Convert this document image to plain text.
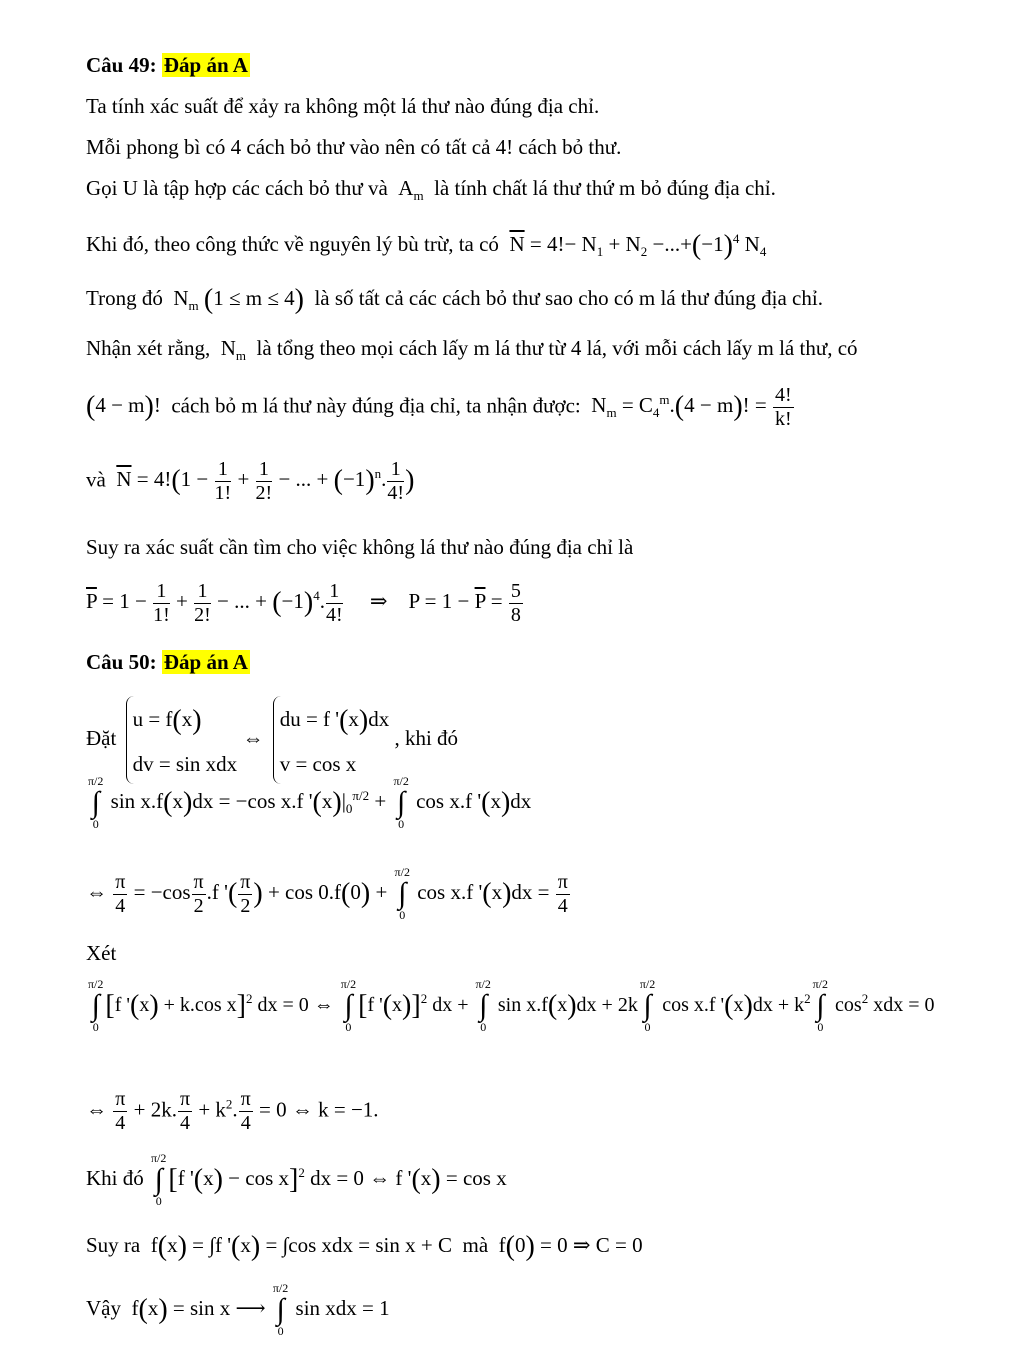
Câu 49: Đáp án A
Ta tính xác suất để xảy ra không một lá thư nào đúng địa chỉ.
Mỗi phong bì có 4 cách bỏ thư vào nên có tất cả 4! cách bỏ thư.
Gọi U là tập hợp các cách bỏ thư và  $A_m$ là tính chất lá thư thứ m bỏ đúng địa chỉ.
Khi đó, theo công thức về nguyên lý bù trừ, ta có $\overline{N} = 4!- N_1 + N_2 -...+(-1)^4$ $N_4$
Trong đó  $N_m$ (1 ≤ m ≤ 4) là số tất cả các cách bỏ thư sao cho có m lá thư đúng địa chỉ.
Nhận xét rằng,  $N_m$ là tổng theo mọi cách lấy m lá thư từ 4 lá, với mỗi cách lấy m lá thư, có
(4 − m)!  cách bỏ m lá thư này đúng địa chỉ, ta nhận được:  $N_m = C_4^m.(4 - m)$! = $\frac{4!}{k!}$
và $\overline{N} = 4!(1 - \frac{1}{1!} + \frac{1}{2!}$ − ... + $(-1)^n$. $\frac{1}{4!}$ )
Suy ra xác suất cần tìm cho việc không lá thư nào đúng địa chỉ là
$\overline{P} = 1 - \frac{1}{1!} + \frac{1}{2!}$ − ... + $(-1)^4$. $\frac{1}{4!}$ ⇒    $P = 1 - \overline{P} = \frac{5}{8}$
Câu 50: Đáp án A
Đặt u = f(x)
dv = sin xdx ⇔ du = f '(x)dx
v = cos x , khi đó
π/2
∫
0
sin x.f(x)dx = −cos x.f '$(x)|_0^{\pi/2}$ +
π/2
∫
0
cos x.f '(x)dx
⇔ $\frac{\pi}{4} = -\cos \frac{\pi}{2} .f$ '( $\frac{\pi}{2}$ ) + cos 0.f(0) +
π/2
∫
0
cos x.f '$(x)dx = \frac{\pi}{4}$
Xét
π/2
∫
0
[f '(x) + k.cos x]$^2$ dx = 0 ⇔
π/2
∫
0
[f '(x)]$^2$ dx +
π/2
∫
0
sin x.f(x)dx + 2k
π/2
∫
0
cos x.f '$(x)dx + k^2$
π/2
∫
0
$\cos^2$ xdx = 0
⇔ $\frac{\pi}{4} + 2k$. $\frac{\pi}{4} + k^2$. $\frac{\pi}{4} = 0$ ⇔ k = −1.
Khi đó
π/2
∫
0
[f '(x) − cos x]$^2$ dx = 0 ⇔ f '(x) = cos x
Suy ra  f(x) = ∫f '(x) = ∫cos xdx = sin x + C  mà  f(0) = 0 ⇒ C = 0
Vậy  f(x) = sin x ⟶
π/2
∫
0
sin xdx = 1
